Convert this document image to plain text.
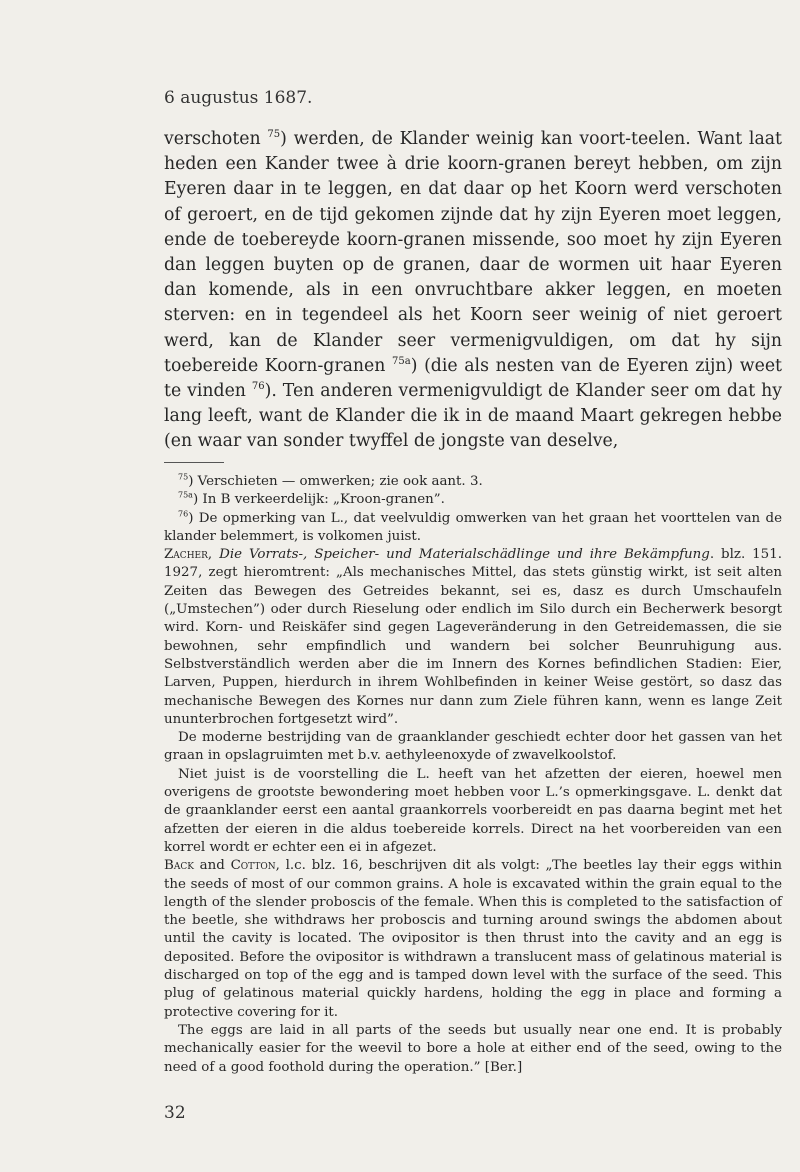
6 augustus 1687.

verschoten $^{75}$) werden, de Klander weinig kan voort-teelen. Want laat heden een Kander twee à drie koorn-granen bereyt hebben, om zijn Eyeren daar in te leggen, en dat daar op het Koorn werd verschoten of geroert, en de tijd gekomen zijnde dat hy zijn Eyeren moet leggen, ende de toebereyde koorn-granen missende, soo moet hy zijn Eyeren dan leggen buyten op de granen, daar de wormen uit haar Eyeren dan komende, als in een onvruchtbare akker leggen, en moeten sterven: en in tegendeel als het Koorn seer weinig of niet geroert werd, kan de Klander seer vermenigvuldigen, om dat hy sijn toebereide Koorn-granen $^{75a}$) (die als nesten van de Eyeren zijn) weet te vinden $^{76}$). Ten anderen vermenigvuldigt de Klander seer om dat hy lang leeft, want de Klander die ik in de maand Maart gekregen hebbe (en waar van sonder twyffel de jongste van deselve,

$^{75}$) Verschieten — omwerken; zie ook aant. 3.

$^{75a}$) In B verkeerdelijk: „Kroon-granen”.

$^{76}$) De opmerking van L., dat veelvuldig omwerken van het graan het voorttelen van de klander belemmert, is volkomen juist.

Zacher, Die Vorrats-, Speicher- und Materialschädlinge und ihre Bekämpfung. blz. 151. 1927, zegt hieromtrent: „Als mechanisches Mittel, das stets günstig wirkt, ist seit alten Zeiten das Bewegen des Getreides bekannt, sei es, dasz es durch Umschaufeln („Umstechen”) oder durch Rieselung oder endlich im Silo durch ein Becherwerk besorgt wird. Korn- und Reiskäfer sind gegen Lageveränderung in den Getreidemassen, die sie bewohnen, sehr empfindlich und wandern bei solcher Beunruhigung aus. Selbstverständlich werden aber die im Innern des Kornes befindlichen Stadien: Eier, Larven, Puppen, hierdurch in ihrem Wohlbefinden in keiner Weise gestört, so dasz das mechanische Bewegen des Kornes nur dann zum Ziele führen kann, wenn es lange Zeit ununterbrochen fortgesetzt wird”.

De moderne bestrijding van de graanklander geschiedt echter door het gassen van het graan in opslagruimten met b.v. aethyleenoxyde of zwavelkoolstof.

Niet juist is de voorstelling die L. heeft van het afzetten der eieren, hoewel men overigens de grootste bewondering moet hebben voor L.’s opmerkingsgave. L. denkt dat de graanklander eerst een aantal graankorrels voorbereidt en pas daarna begint met het afzetten der eieren in die aldus toebereide korrels. Direct na het voorbereiden van een korrel wordt er echter een ei in afgezet.

Back and Cotton, l.c. blz. 16, beschrijven dit als volgt: „The beetles lay their eggs within the seeds of most of our common grains. A hole is excavated within the grain equal to the length of the slender proboscis of the female. When this is completed to the satisfaction of the beetle, she withdraws her proboscis and turning around swings the abdomen about until the cavity is located. The ovipositor is then thrust into the cavity and an egg is deposited. Before the ovipositor is withdrawn a translucent mass of gelatinous material is discharged on top of the egg and is tamped down level with the surface of the seed. This plug of gelatinous material quickly hardens, holding the egg in place and forming a protective covering for it.

The eggs are laid in all parts of the seeds but usually near one end. It is probably mechanically easier for the weevil to bore a hole at either end of the seed, owing to the need of a good foothold during the operation.” [Ber.]

32
